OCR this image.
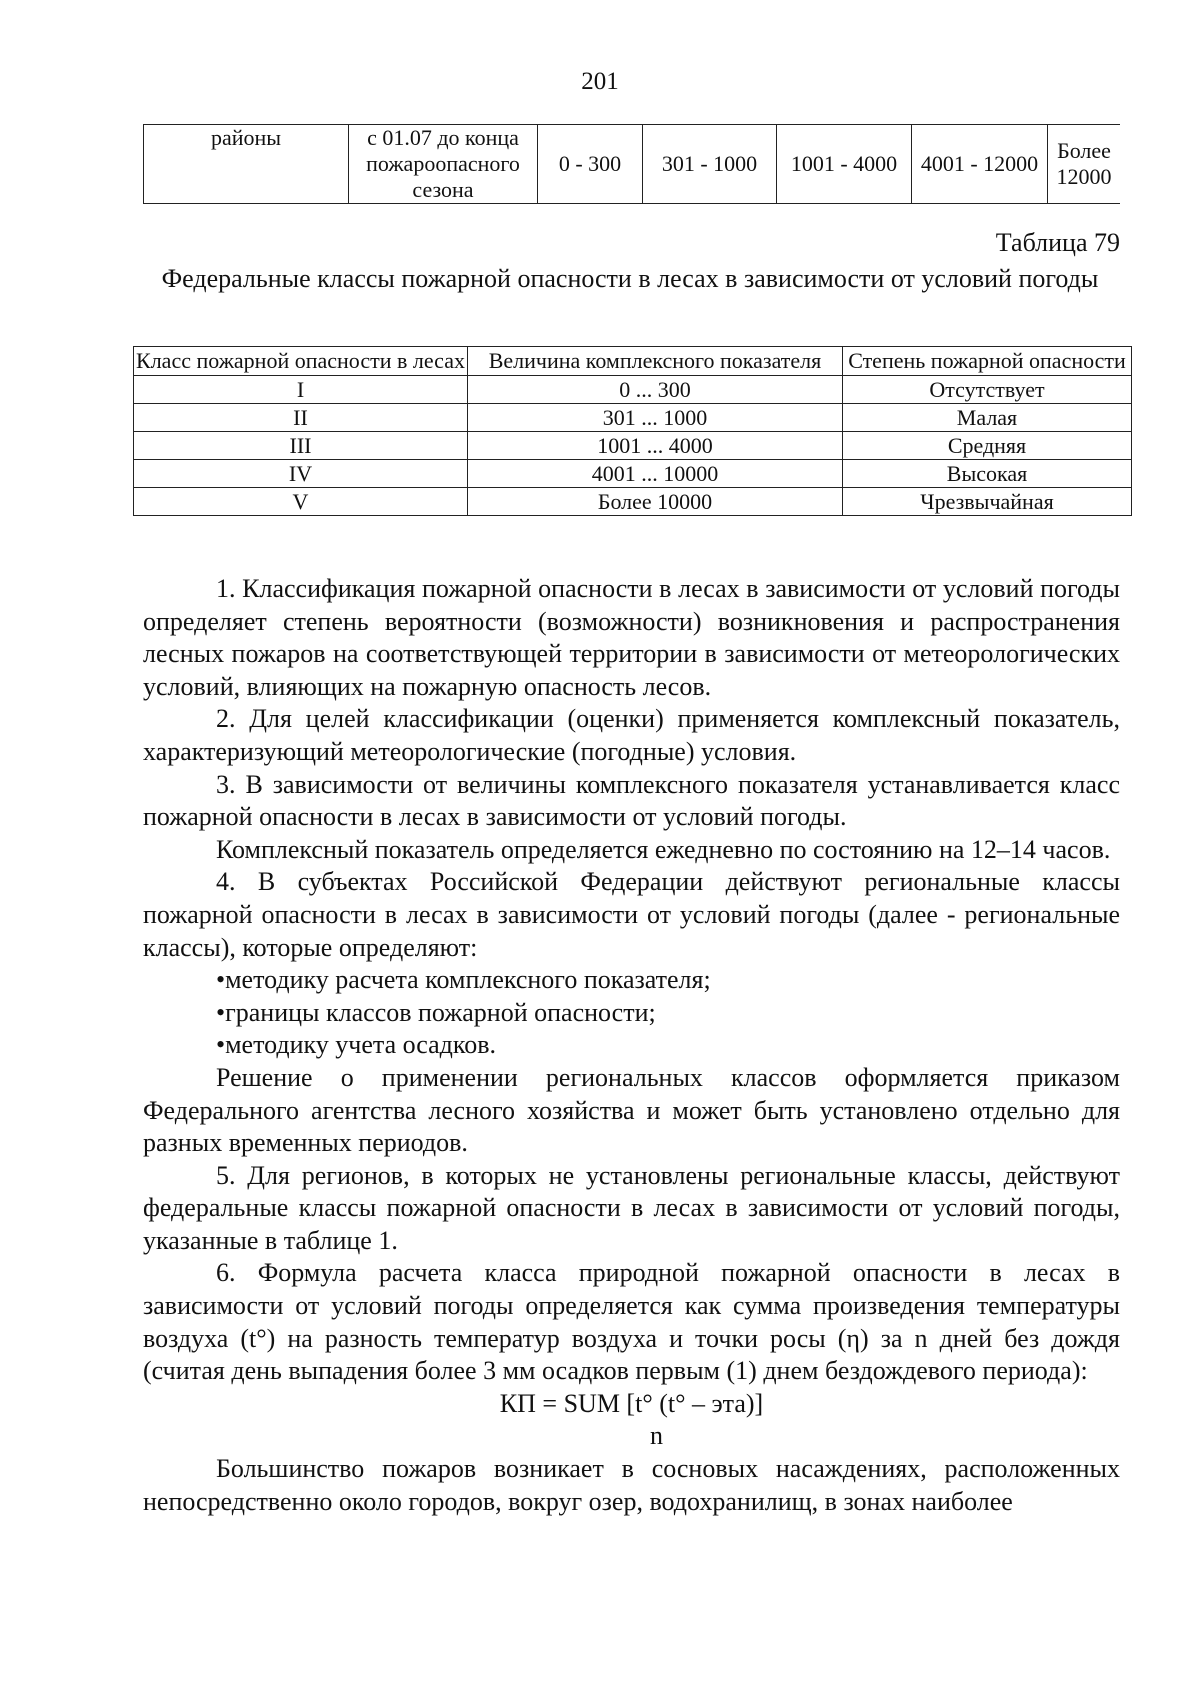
201
районы	с 01.07 до конца пожароопасного сезона	0 - 300	301 - 1000	1001 - 4000	4001 - 12000	Более 12000
Таблица 79
Федеральные классы пожарной опасности в лесах в зависимости от условий погоды
Класс пожарной опасности в лесах	Величина комплексного показателя	Степень пожарной опасности
I	0 ... 300	Отсутствует
II	301 ... 1000	Малая
III	1001 ... 4000	Средняя
IV	4001 ... 10000	Высокая
V	Более 10000	Чрезвычайная

1. Классификация пожарной опасности в лесах в зависимости от условий погоды определяет степень вероятности (возможности) возникновения и распространения лесных пожаров на соответствующей территории в зависимости от метеорологических условий, влияющих на пожарную опасность лесов.

2. Для целей классификации (оценки) применяется комплексный показатель, характеризующий метеорологические (погодные) условия.

3. В зависимости от величины комплексного показателя устанавливается класс пожарной опасности в лесах в зависимости от условий погоды.

Комплексный показатель определяется ежедневно по состоянию на 12–14 часов.

4. В субъектах Российской Федерации действуют региональные классы пожарной опасности в лесах в зависимости от условий погоды (далее - региональные классы), которые определяют:

•методику расчета комплексного показателя;

•границы классов пожарной опасности;

•методику учета осадков.

Решение о применении региональных классов оформляется приказом Федерального агентства лесного хозяйства и может быть установлено отдельно для разных временных периодов.

5. Для регионов, в которых не установлены региональные классы, действуют федеральные классы пожарной опасности в лесах в зависимости от условий погоды, указанные в таблице 1.

6. Формула расчета класса природной пожарной опасности в лесах в зависимости от условий погоды определяется как сумма произведения температуры воздуха (t°) на разность температур воздуха и точки росы (η) за n дней без дождя (считая день выпадения более 3 мм осадков первым (1) днем бездождевого периода):

КП = SUM [t° (t° – эта)]

n

Большинство пожаров возникает в сосновых насаждениях, расположенных непосредственно около городов, вокруг озер, водохранилищ, в зонах наиболее
